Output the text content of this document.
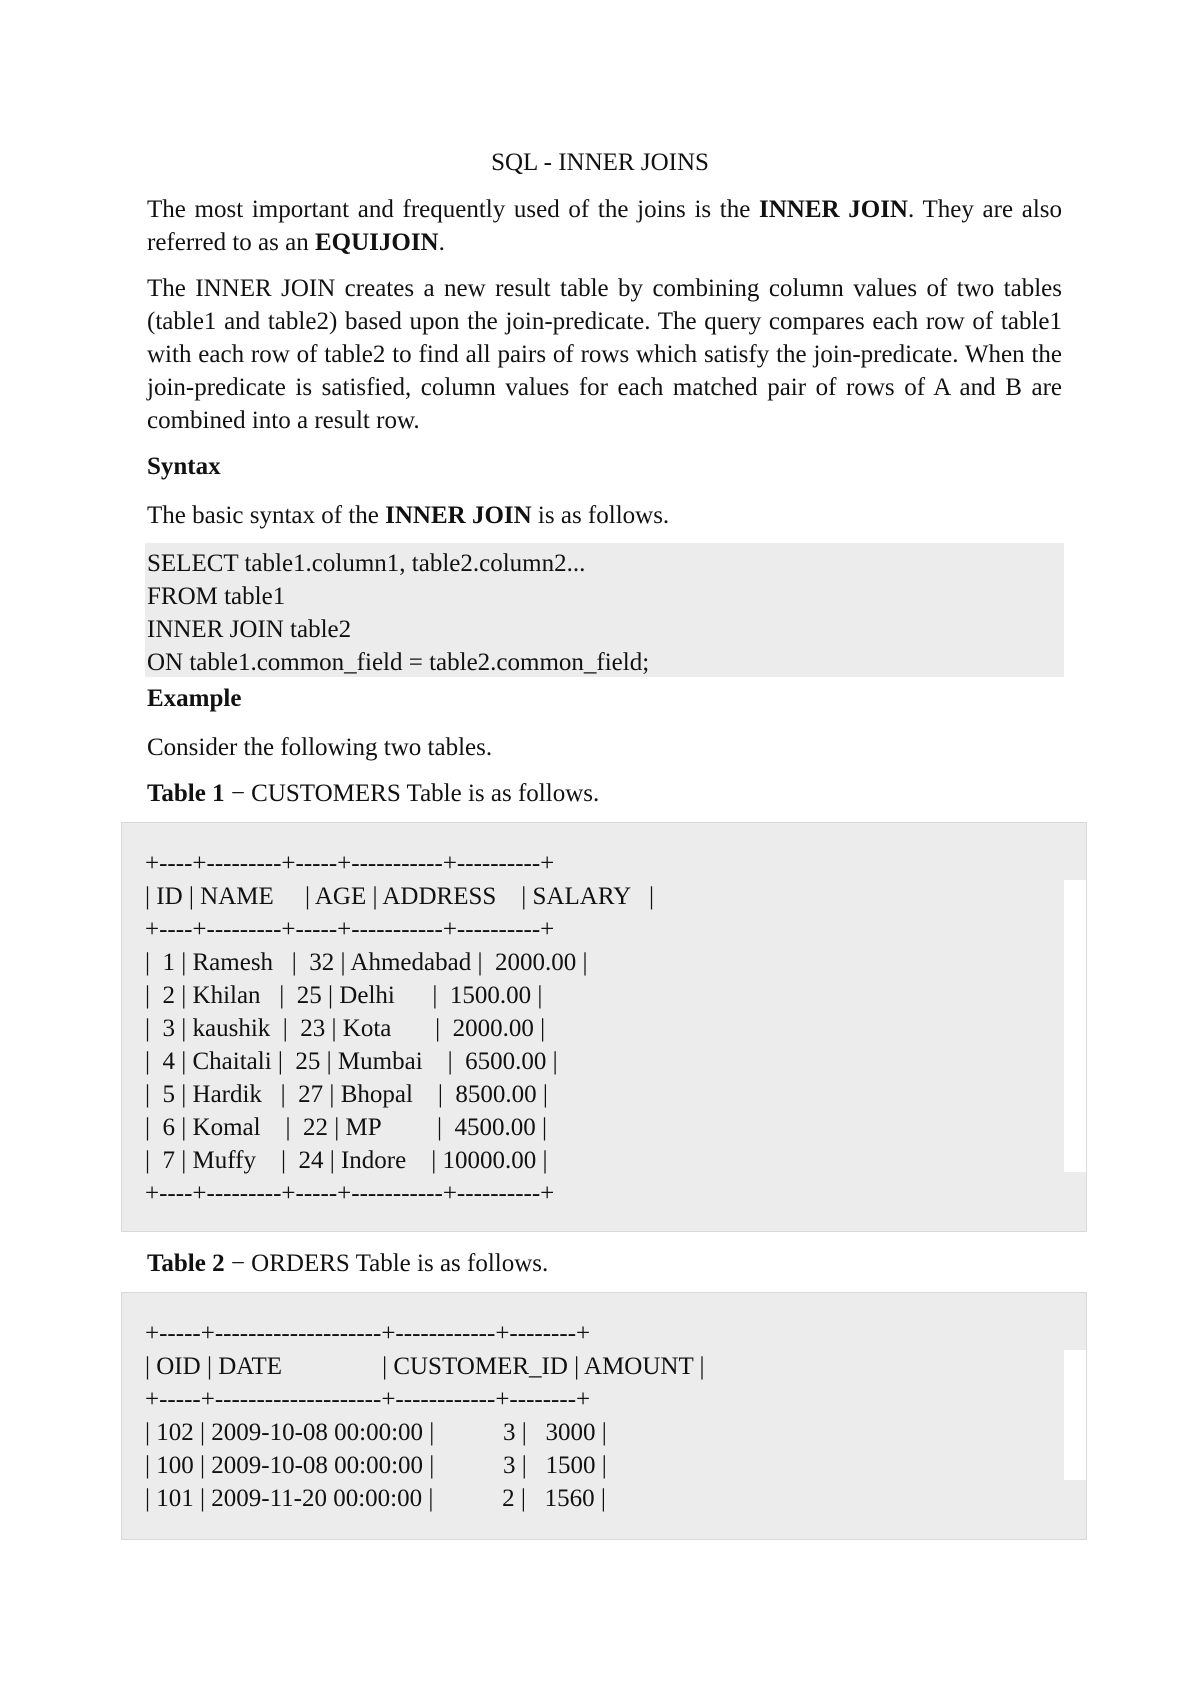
SQL - INNER JOINS

The most important and frequently used of the joins is the INNER JOIN. They are also referred to as an EQUIJOIN.

The INNER JOIN creates a new result table by combining column values of two tables (table1 and table2) based upon the join-predicate. The query compares each row of table1 with each row of table2 to find all pairs of rows which satisfy the join-predicate. When the join-predicate is satisfied, column values for each matched pair of rows of A and B are combined into a result row.

Syntax

The basic syntax of the INNER JOIN is as follows.

SELECT table1.column1, table2.column2...
FROM table1
INNER JOIN table2
ON table1.common_field = table2.common_field;
Example

Consider the following two tables.

Table 1 − CUSTOMERS Table is as follows.

+----+---------+-----+-----------+----------+

| ID | NAME     | AGE | ADDRESS    | SALARY   |

+----+---------+-----+-----------+----------+

|  1 | Ramesh   |  32 | Ahmedabad |  2000.00 |

|  2 | Khilan   |  25 | Delhi      |  1500.00 |

|  3 | kaushik  |  23 | Kota       |  2000.00 |

|  4 | Chaitali |  25 | Mumbai    |  6500.00 |

|  5 | Hardik   |  27 | Bhopal    |  8500.00 |

|  6 | Komal    |  22 | MP         |  4500.00 |

|  7 | Muffy    |  24 | Indore    | 10000.00 |

+----+---------+-----+-----------+----------+

Table 2 − ORDERS Table is as follows.

+-----+--------------------+------------+--------+

| OID | DATE                | CUSTOMER_ID | AMOUNT |

+-----+--------------------+------------+--------+

| 102 | 2009-10-08 00:00:00 |           3 |   3000 |

| 100 | 2009-10-08 00:00:00 |           3 |   1500 |

| 101 | 2009-11-20 00:00:00 |           2 |   1560 |
